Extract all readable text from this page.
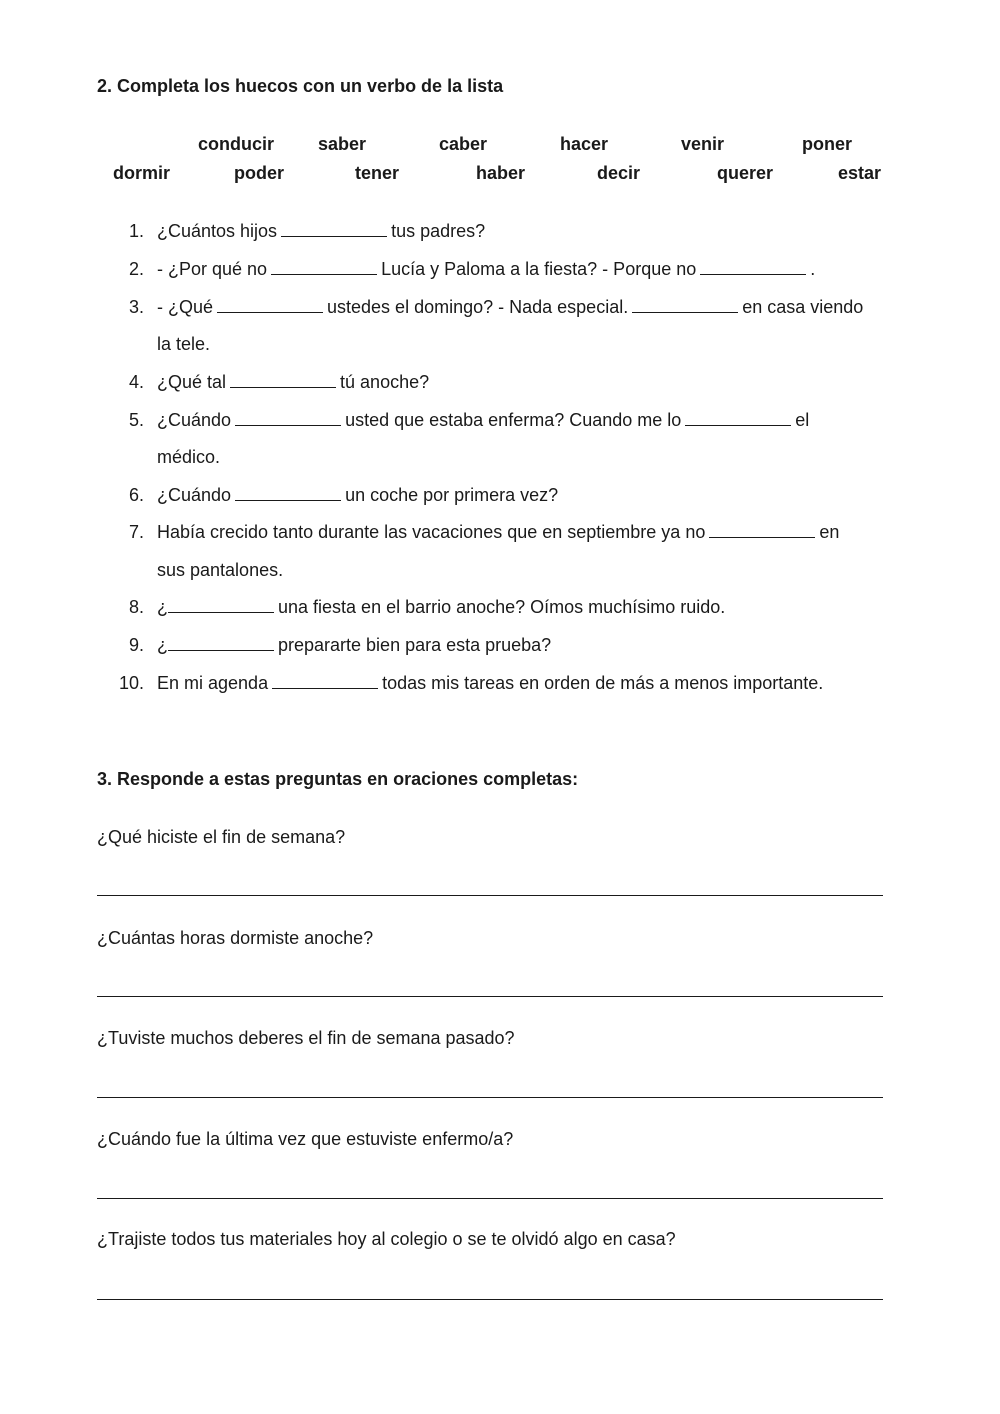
2. Completa los huecos con un verbo de la lista
conducir saber	caber	hacer	venir	poner
dormir	poder	tener	haber	decir	querer	estar
1. ¿Cuántos hijos	tus padres?
2. - ¿Por qué no	Lucía y Paloma a la fiesta? - Porque no	.
3. - ¿Qué	ustedes el domingo? - Nada especial.	en casa viendo
la tele.
4. ¿Qué tal	tú anoche?
5. ¿Cuándo	usted que estaba enferma? Cuando me lo	el
médico.
6. ¿Cuándo	un coche por primera vez?
7. Había crecido tanto durante las vacaciones que en septiembre ya no	en
sus pantalones.
8. ¿	una fiesta en el barrio anoche? Oímos muchísimo ruido.
9. ¿	prepararte bien para esta prueba?
10. En mi agenda	todas mis tareas en orden de más a menos importante.
3. Responde a estas preguntas en oraciones completas:
¿Qué hiciste el fin de semana?
¿Cuántas horas dormiste anoche?
¿Tuviste muchos deberes el fin de semana pasado?
¿Cuándo fue la última vez que estuviste enfermo/a?
¿Trajiste todos tus materiales hoy al colegio o se te olvidó algo en casa?
